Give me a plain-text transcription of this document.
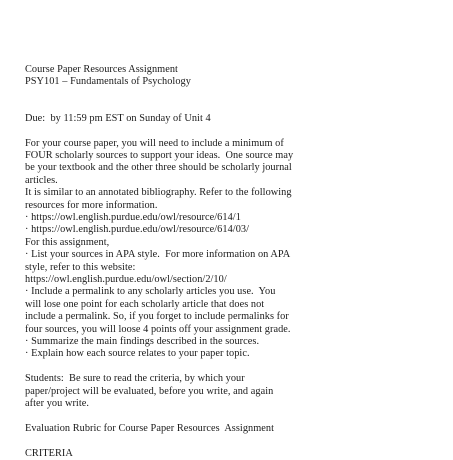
Course Paper Resources Assignment
PSY101 – Fundamentals of Psychology
Due:  by 11:59 pm EST on Sunday of Unit 4
For your course paper, you will need to include a minimum of
FOUR scholarly sources to support your ideas.  One source may
be your textbook and the other three should be scholarly journal
articles.
It is similar to an annotated bibliography. Refer to the following
resources for more information.
· https://owl.english.purdue.edu/owl/resource/614/1
· https://owl.english.purdue.edu/owl/resource/614/03/
For this assignment,
· List your sources in APA style.  For more information on APA
style, refer to this website:
https://owl.english.purdue.edu/owl/section/2/10/
· Include a permalink to any scholarly articles you use.  You
will lose one point for each scholarly article that does not
include a permalink. So, if you forget to include permalinks for
four sources, you will loose 4 points off your assignment grade.
· Summarize the main findings described in the sources.
· Explain how each source relates to your paper topic.
Students:  Be sure to read the criteria, by which your
paper/project will be evaluated, before you write, and again
after you write.
Evaluation Rubric for Course Paper Resources  Assignment
CRITERIA
